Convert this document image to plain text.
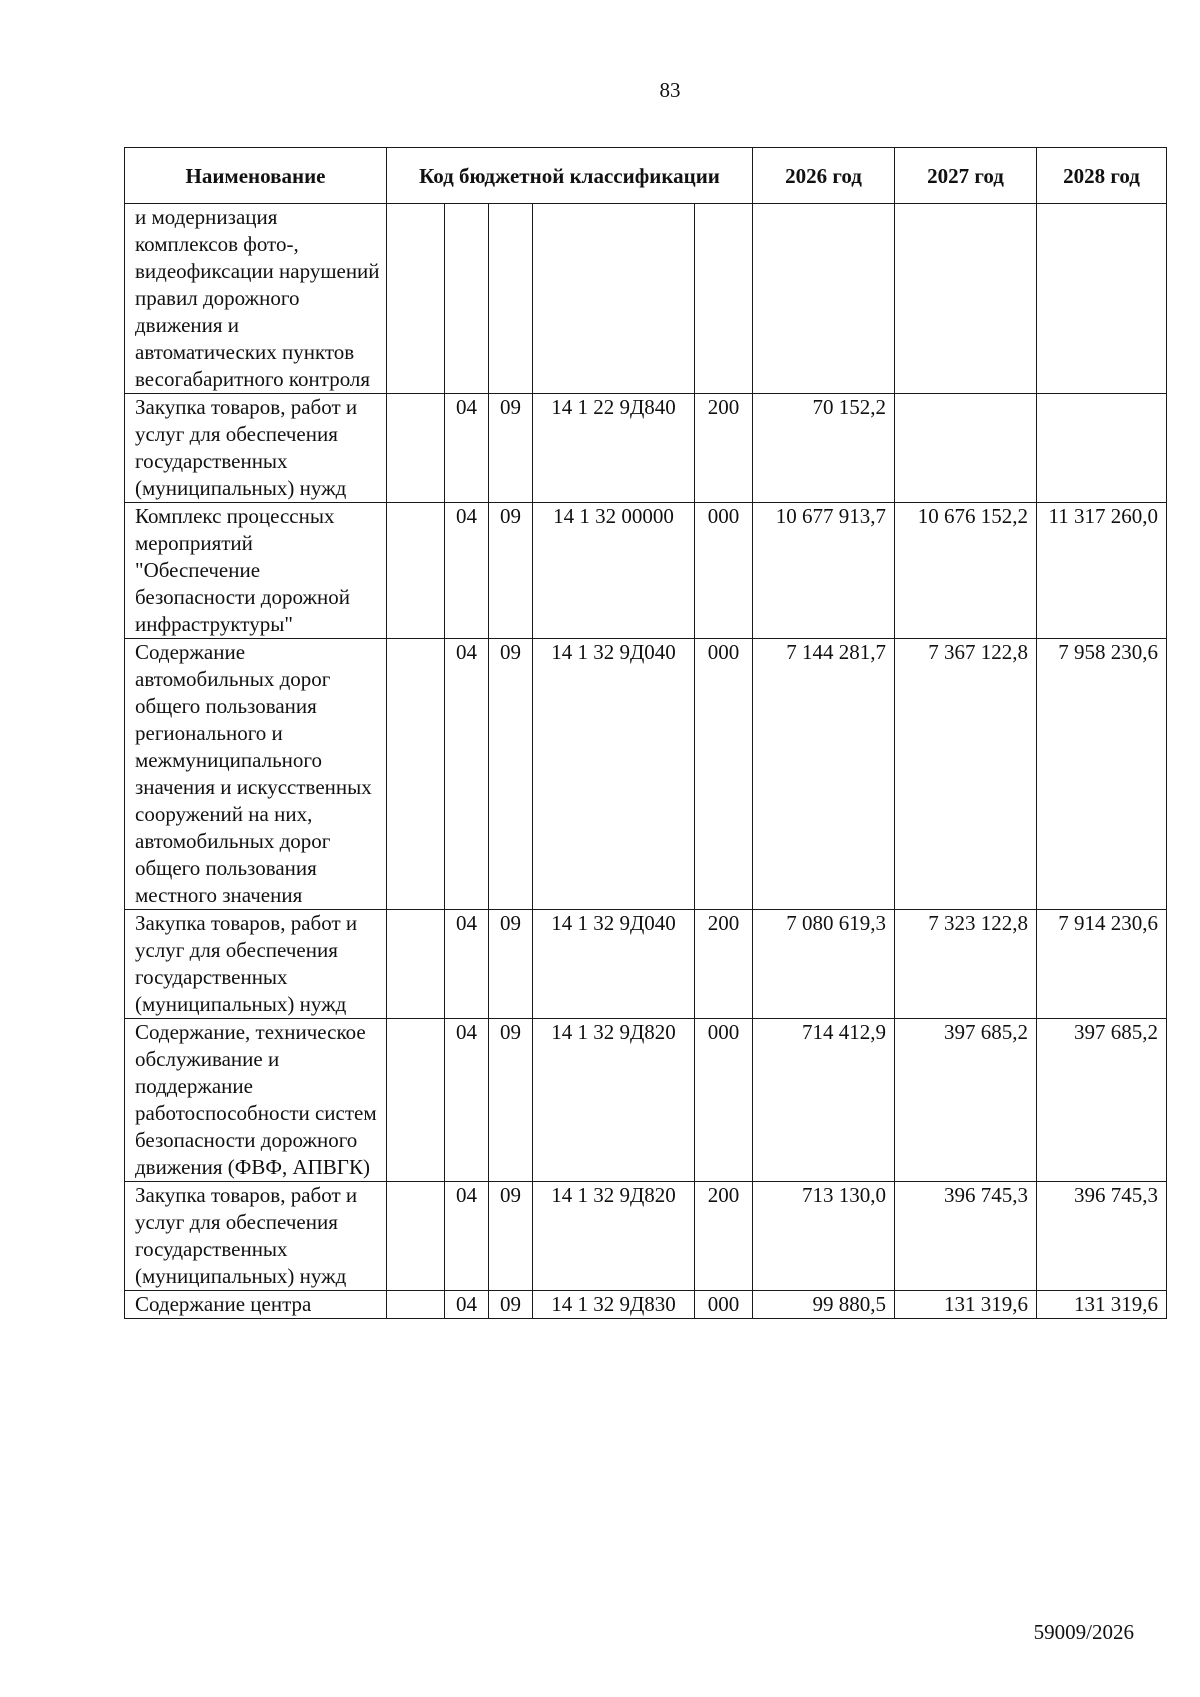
83
Наименование	Код бюджетной классификации					2026 год	2027 год	2028 год
и модернизация комплексов фото-, видеофиксации нарушений правил дорожного движения и автоматических пунктов весогабаритного контроля								
Закупка товаров, работ и услуг для обеспечения государственных (муниципальных) нужд		04	09	14 1 22 9Д840	200	70 152,2		
Комплекс процессных мероприятий "Обеспечение безопасности дорожной инфраструктуры"		04	09	14 1 32 00000	000	10 677 913,7	10 676 152,2	11 317 260,0
Содержание автомобильных дорог общего пользования регионального и межмуниципального значения и искусственных сооружений на них, автомобильных дорог общего пользования местного значения		04	09	14 1 32 9Д040	000	7 144 281,7	7 367 122,8	7 958 230,6
Закупка товаров, работ и услуг для обеспечения государственных (муниципальных) нужд		04	09	14 1 32 9Д040	200	7 080 619,3	7 323 122,8	7 914 230,6
Содержание, техническое обслуживание и поддержание работоспособности систем безопасности дорожного движения (ФВФ, АПВГК)		04	09	14 1 32 9Д820	000	714 412,9	397 685,2	397 685,2
Закупка товаров, работ и услуг для обеспечения государственных (муниципальных) нужд		04	09	14 1 32 9Д820	200	713 130,0	396 745,3	396 745,3
Содержание центра		04	09	14 1 32 9Д830	000	99 880,5	131 319,6	131 319,6
59009/2026
